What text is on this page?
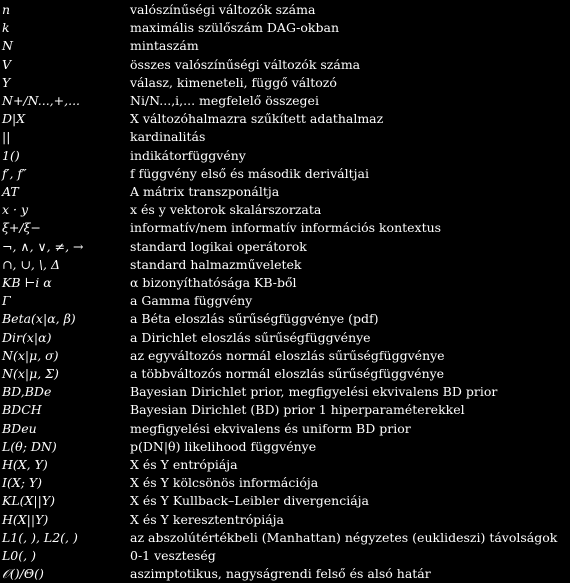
n	valószínűségi változók száma
k	maximális szülőszám DAG-okban
N	mintaszám
V	összes valószínűségi változók száma
Y	válasz, kimeneteli, függő változó
N+/N...,+,...	Ni/N...,i,... megfelelő összegei
D|X	X változóhalmazra szűkített adathalmaz
||	kardinalitás
1()	indikátorfüggvény
f′, f″	f függvény első és második deriváltjai
AT	A mátrix transzponáltja
x · y	x és y vektorok skalárszorzata
ξ+/ξ−	informatív/nem informatív információs kontextus
¬, ∧, ∨, ≠, →	standard logikai operátorok
∩, ∪, \, Δ	standard halmazműveletek
KB ⊢i α	α bizonyíthatósága KB-ből
Γ	a Gamma függvény
Beta(x|α, β)	a Béta eloszlás sűrűségfüggvénye (pdf)
Dir(x|α)	a Dirichlet eloszlás sűrűségfüggvénye
N(x|μ, σ)	az egyváltozós normál eloszlás sűrűségfüggvénye
N(x|μ, Σ)	a többváltozós normál eloszlás sűrűségfüggvénye
BD,BDe	Bayesian Dirichlet prior, megfigyelési ekvivalens BD prior
BDCH	Bayesian Dirichlet (BD) prior 1 hiperparaméterekkel
BDeu	megfigyelési ekvivalens és uniform BD prior
L(θ; DN)	p(DN|θ) likelihood függvénye
H(X, Y)	X és Y entrópiája
I(X; Y)	X és Y kölcsönös információja
KL(X||Y)	X és Y Kullback–Leibler divergenciája
H(X||Y)	X és Y keresztentrópiája
L1(, ), L2(, )	az abszolútértékbeli (Manhattan) négyzetes (euklideszi) távolságok
L0(, )	0-1 veszteség
𝒪()/Θ()	aszimptotikus, nagyságrendi felső és alsó határ
